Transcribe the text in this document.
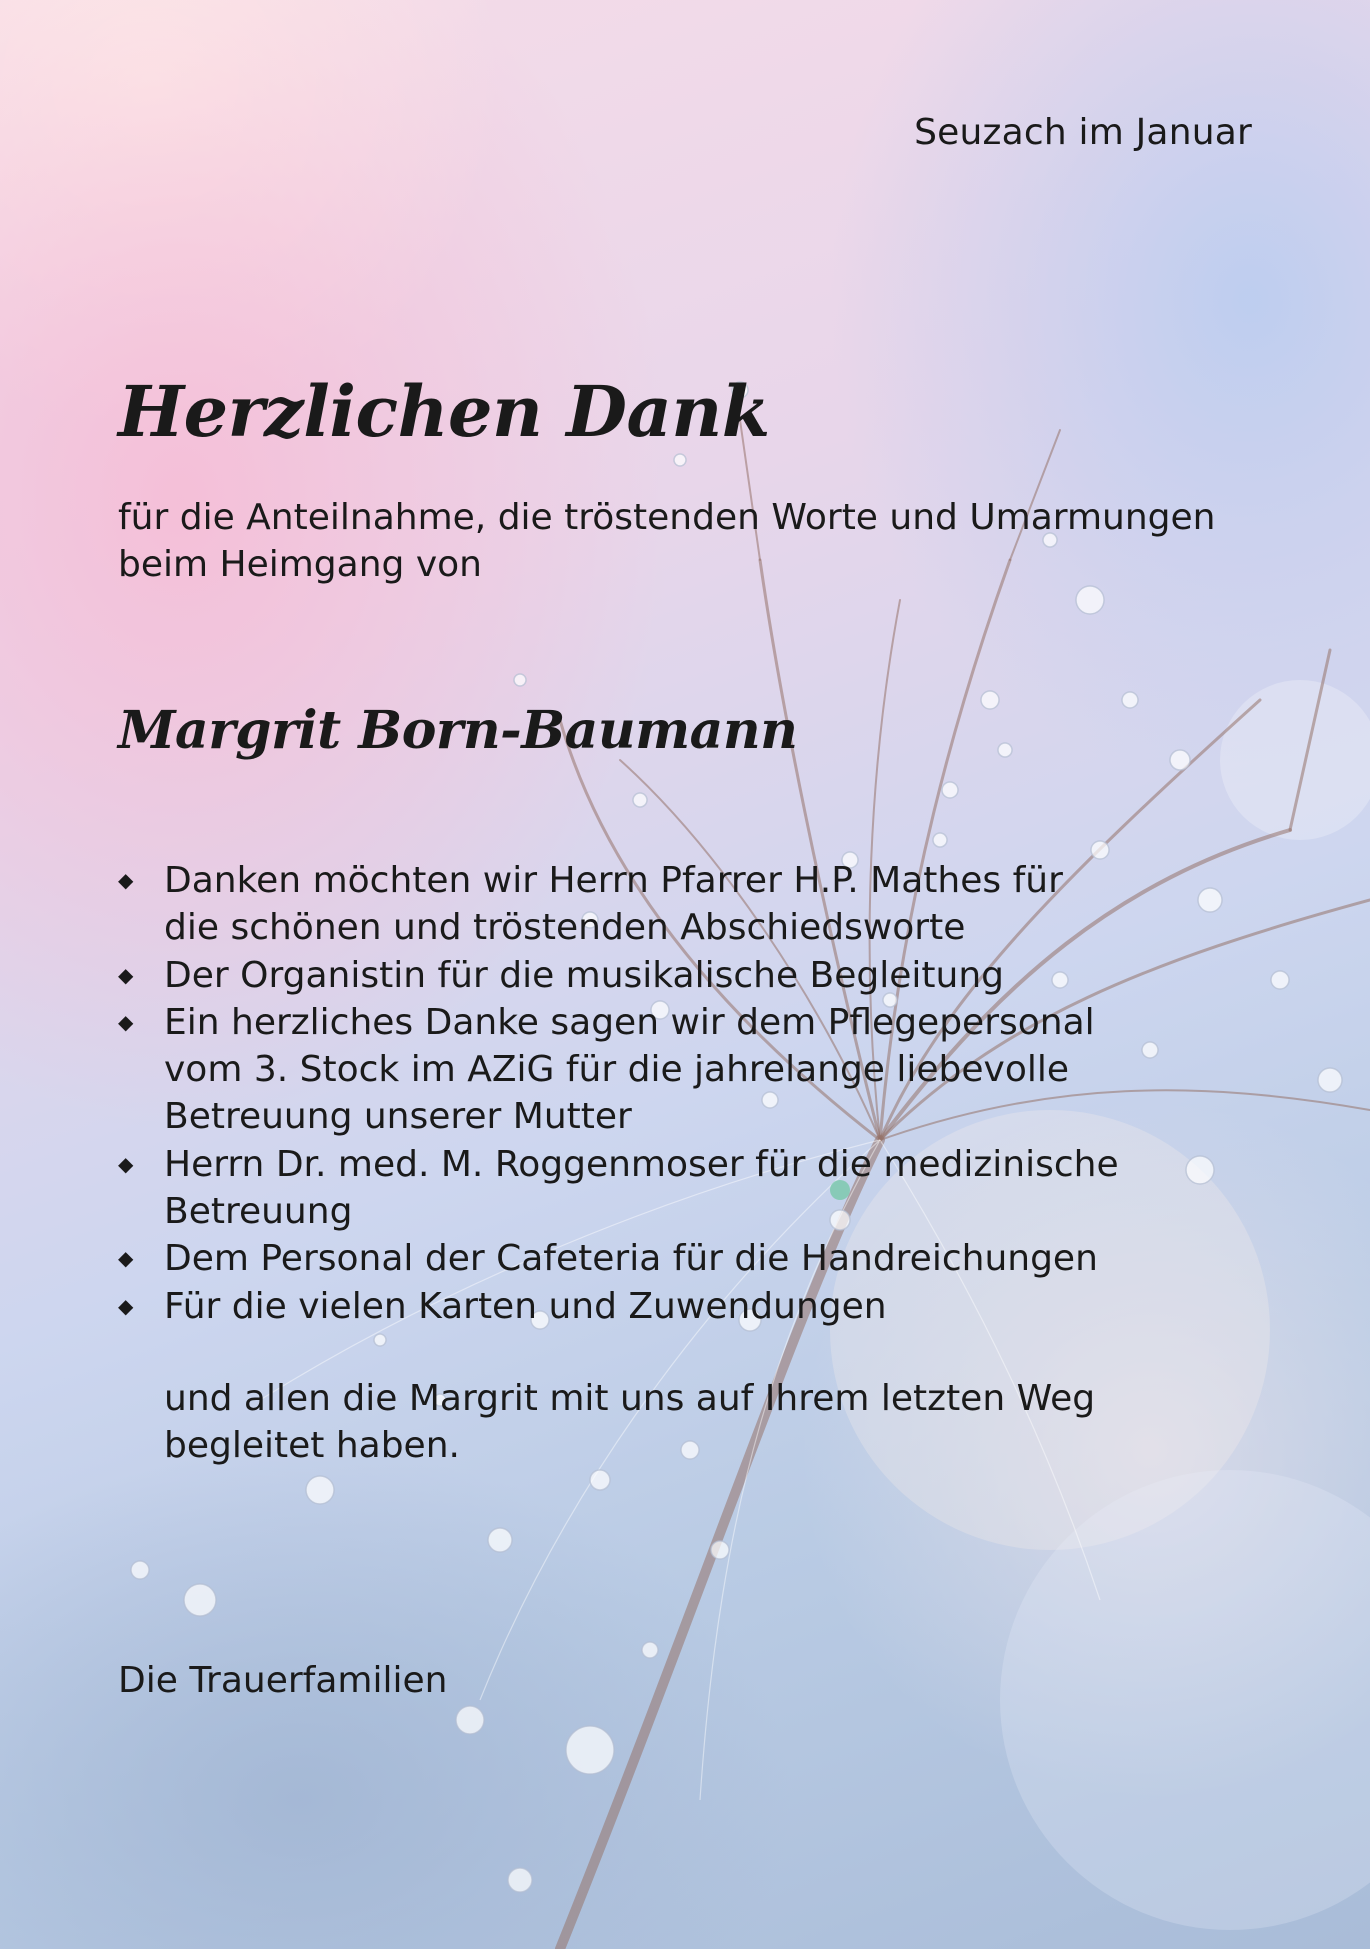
Seuzach im Januar
Herzlichen Dank
für die Anteilnahme, die tröstenden Worte und Umarmungen
beim Heimgang von
Margrit Born-Baumann
◆ Danken möchten wir Herrn Pfarrer H.P. Mathes für
die schönen und tröstenden Abschiedsworte
◆ Der Organistin für die musikalische Begleitung
◆ Ein herzliches Danke sagen wir dem Pflegepersonal
vom 3. Stock im AZiG für die jahrelange liebevolle
Betreuung unserer Mutter
◆ Herrn Dr. med. M. Roggenmoser für die medizinische
Betreuung
◆ Dem Personal der Cafeteria für die Handreichungen
◆ Für die vielen Karten und Zuwendungen
und allen die Margrit mit uns auf Ihrem letzten Weg
begleitet haben.
Die Trauerfamilien
